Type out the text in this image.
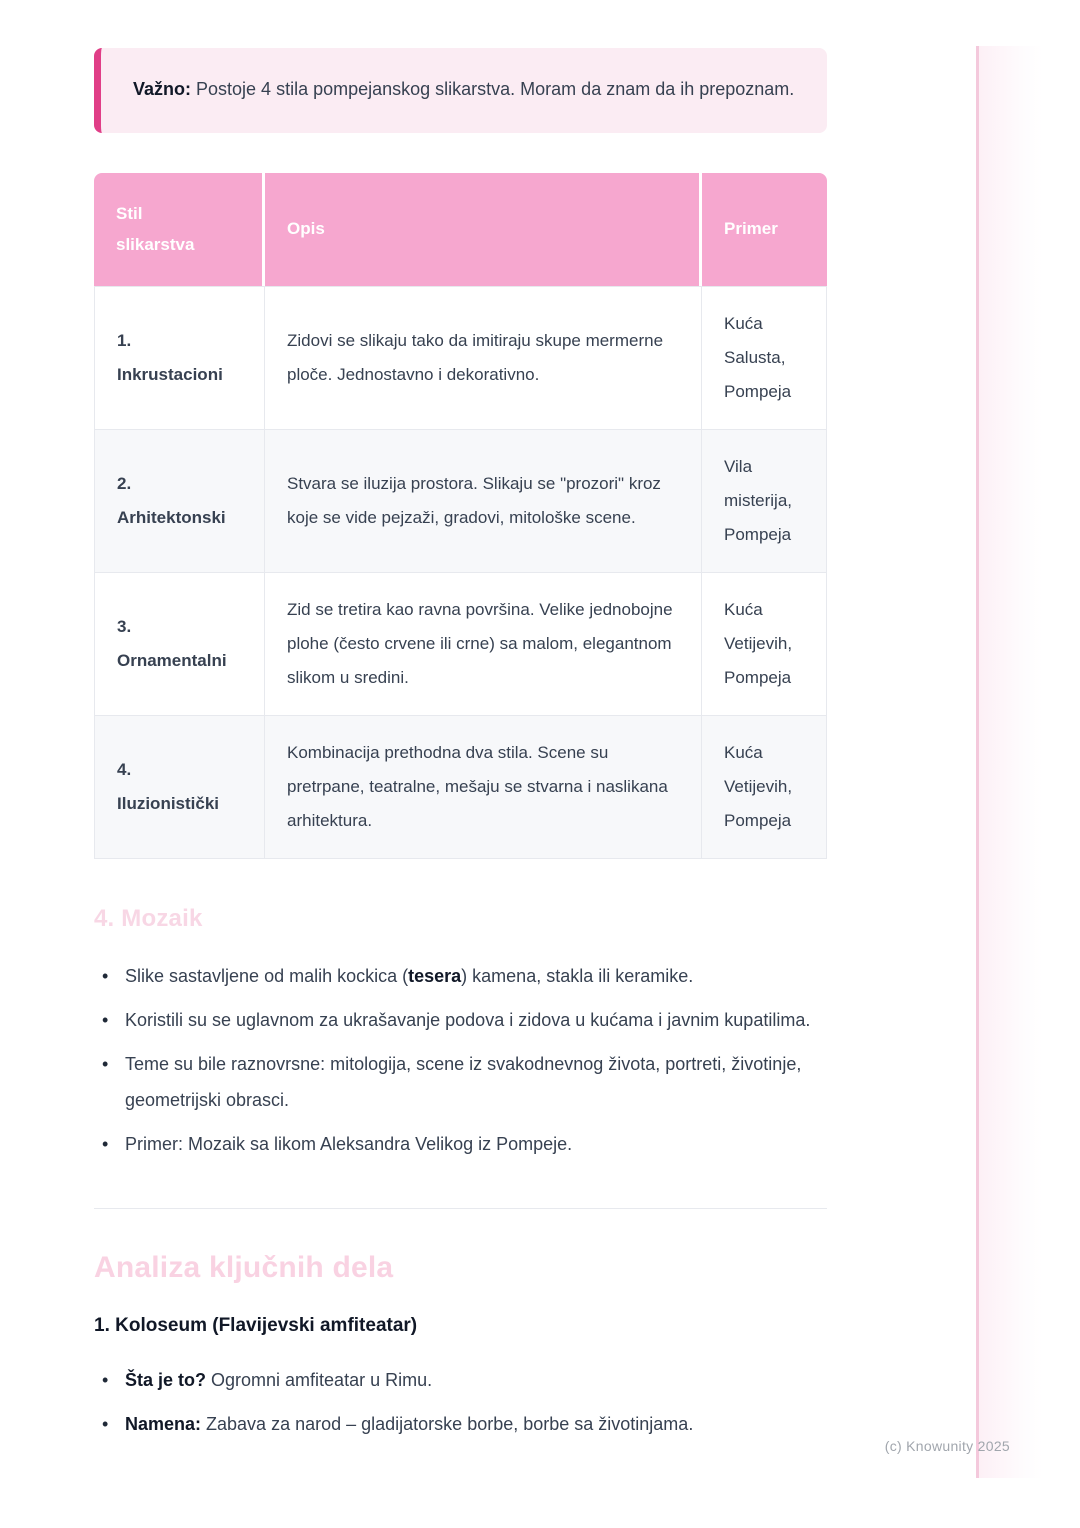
Važno: Postoje 4 stila pompejanskog slikarstva. Moram da znam da ih prepoznam.
Stil slikarstva	Opis	Primer

1.
Inkrustacioni	Zidovi se slikaju tako da imitiraju skupe mermerne ploče. Jednostavno i dekorativno.	Kuća Salusta, Pompeja

2.
Arhitektonski	Stvara se iluzija prostora. Slikaju se "prozori" kroz koje se vide pejzaži, gradovi, mitološke scene.	Vila misterija, Pompeja

3.
Ornamentalni	Zid se tretira kao ravna površina. Velike jednobojne plohe (često crvene ili crne) sa malom, elegantnom slikom u sredini.	Kuća Vetijevih, Pompeja

4.
Iluzionistički	Kombinacija prethodna dva stila. Scene su pretrpane, teatralne, mešaju se stvarna i naslikana arhitektura.	Kuća Vetijevih, Pompeja
4. Mozaik
• Slike sastavljene od malih kockica (tesera) kamena, stakla ili keramike.
• Koristili su se uglavnom za ukrašavanje podova i zidova u kućama i javnim kupatilima.
• Teme su bile raznovrsne: mitologija, scene iz svakodnevnog života, portreti, životinje, geometrijski obrasci.
• Primer: Mozaik sa likom Aleksandra Velikog iz Pompeje.
Analiza ključnih dela
1. Koloseum (Flavijevski amfiteatar)
• Šta je to? Ogromni amfiteatar u Rimu.
• Namena: Zabava za narod – gladijatorske borbe, borbe sa životinjama.
(c) Knowunity 2025
